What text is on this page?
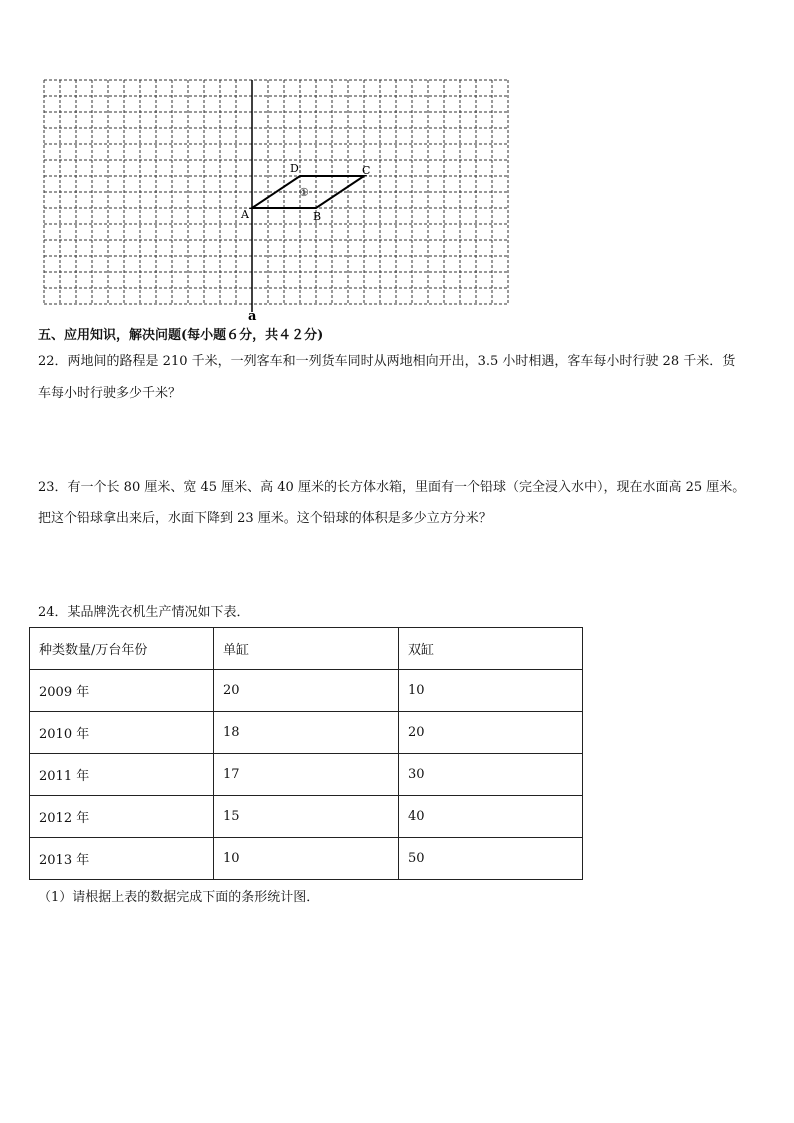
A	B
C
D
①
a
五、应用知识，解决问题(每小题６分，共４２分)
22．两地间的路程是 210 千米，一列客车和一列货车同时从两地相向开出，3.5 小时相遇，客车每小时行驶 28 千米．货
车每小时行驶多少千米？
23．有一个长 80 厘米、宽 45 厘米、高 40 厘米的长方体水箱，里面有一个铅球（完全浸入水中），现在水面高 25 厘米。
把这个铅球拿出来后，水面下降到 23 厘米。这个铅球的体积是多少立方分米？
24．某品牌洗衣机生产情况如下表．
种类数量/万台年份	单缸	双缸
2009 年	20	10
2010 年	18	20
2011 年	17	30
2012 年	15	40
2013 年	10	50
（1）请根据上表的数据完成下面的条形统计图．
